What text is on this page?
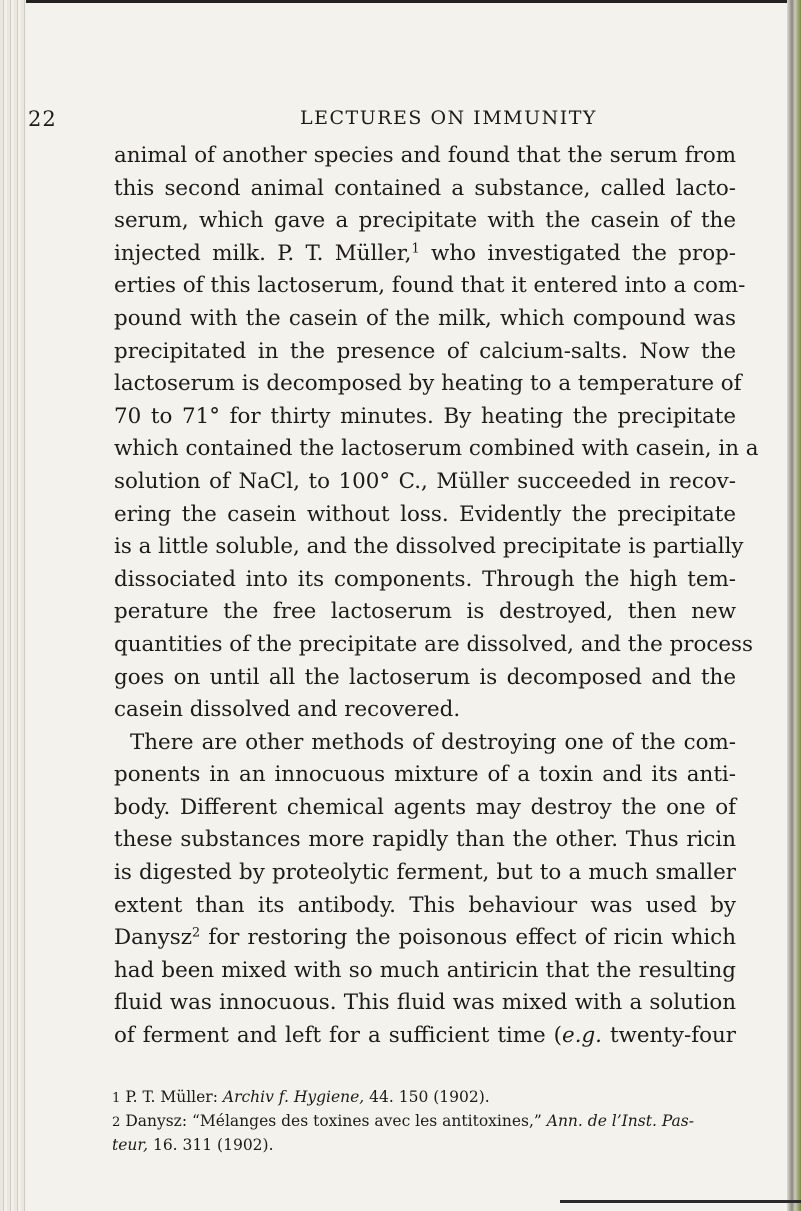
22	LECTURES ON IMMUNITY
animal of another species and found that the serum from
this second animal contained a substance, called lacto-
serum, which gave a precipitate with the casein of the
injected milk. P. T. Müller,$^1$ who investigated the prop-
erties of this lactoserum, found that it entered into a com-
pound with the casein of the milk, which compound was
precipitated in the presence of calcium-salts. Now the
lactoserum is decomposed by heating to a temperature of
70 to 71° for thirty minutes. By heating the precipitate
which contained the lactoserum combined with casein, in a
solution of NaCl, to 100° C., Müller succeeded in recov-
ering the casein without loss. Evidently the precipitate
is a little soluble, and the dissolved precipitate is partially
dissociated into its components. Through the high tem-
perature the free lactoserum is destroyed, then new
quantities of the precipitate are dissolved, and the process
goes on until all the lactoserum is decomposed and the
casein dissolved and recovered.
There are other methods of destroying one of the com-
ponents in an innocuous mixture of a toxin and its anti-
body. Different chemical agents may destroy the one of
these substances more rapidly than the other. Thus ricin
is digested by proteolytic ferment, but to a much smaller
extent than its antibody. This behaviour was used by
Danysz$^2$ for restoring the poisonous effect of ricin which
had been mixed with so much antiricin that the resulting
fluid was innocuous. This fluid was mixed with a solution
of ferment and left for a sufficient time (e.g. twenty-four
1 P. T. Müller: Archiv f. Hygiene, 44. 150 (1902).
2 Danysz: “Mélanges des toxines avec les antitoxines,” Ann. de l’Inst. Pas-
teur, 16. 311 (1902).
